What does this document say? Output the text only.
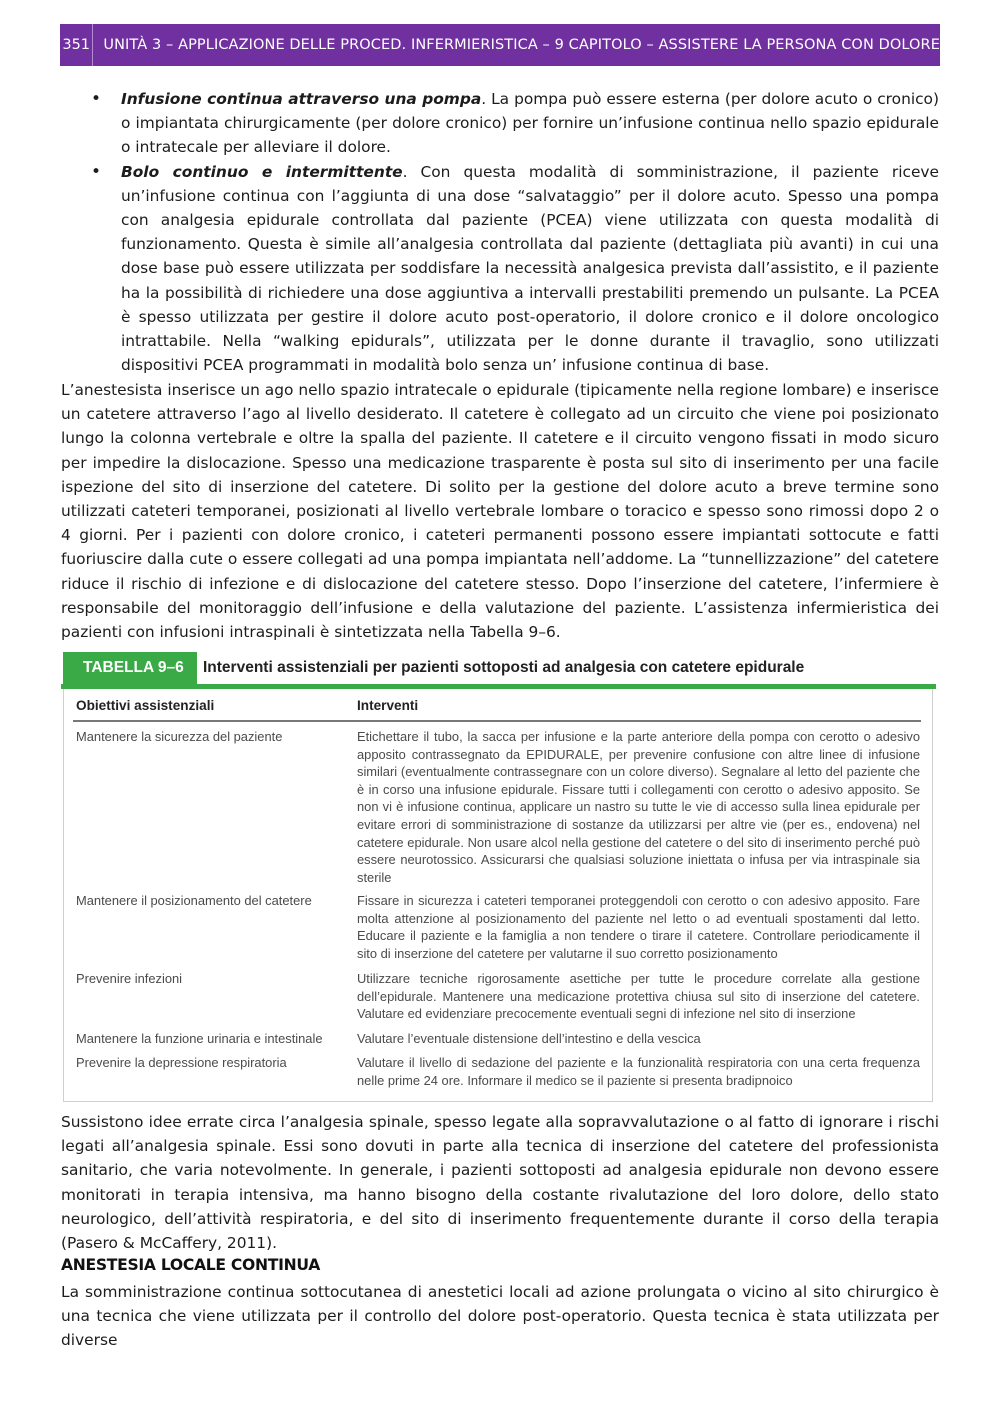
351 UNITÀ 3 – APPLICAZIONE DELLE PROCED. INFERMIERISTICA – 9 CAPITOLO – ASSISTERE LA PERSONA CON DOLORE
• Infusione continua attraverso una pompa. La pompa può essere esterna (per dolore acuto o cronico) o impiantata chirurgicamente (per dolore cronico) per fornire un’infusione continua nello spazio epidurale o intratecale per alleviare il dolore.
• Bolo continuo e intermittente. Con questa modalità di somministrazione, il paziente riceve un’infusione continua con l’aggiunta di una dose “salvataggio” per il dolore acuto. Spesso una pompa con analgesia epidurale controllata dal paziente (PCEA) viene utilizzata con questa modalità di funzionamento. Questa è simile all’analgesia controllata dal paziente (dettagliata più avanti) in cui una dose base può essere utilizzata per soddisfare la necessità analgesica prevista dall’assistito, e il paziente ha la possibilità di richiedere una dose aggiuntiva a intervalli prestabiliti premendo un pulsante. La PCEA è spesso utilizzata per gestire il dolore acuto post-operatorio, il dolore cronico e il dolore oncologico intrattabile. Nella “walking epidurals”, utilizzata per le donne durante il travaglio, sono utilizzati dispositivi PCEA programmati in modalità bolo senza un’ infusione continua di base.
L’anestesista inserisce un ago nello spazio intratecale o epidurale (tipicamente nella regione lombare) e inserisce un catetere attraverso l’ago al livello desiderato. Il catetere è collegato ad un circuito che viene poi posizionato lungo la colonna vertebrale e oltre la spalla del paziente. Il catetere e il circuito vengono fissati in modo sicuro per impedire la dislocazione. Spesso una medicazione trasparente è posta sul sito di inserimento per una facile ispezione del sito di inserzione del catetere. Di solito per la gestione del dolore acuto a breve termine sono utilizzati cateteri temporanei, posizionati al livello vertebrale lombare o toracico e spesso sono rimossi dopo 2 o 4 giorni. Per i pazienti con dolore cronico, i cateteri permanenti possono essere impiantati sottocute e fatti fuoriuscire dalla cute o essere collegati ad una pompa impiantata nell’addome. La “tunnellizzazione” del catetere riduce il rischio di infezione e di dislocazione del catetere stesso. Dopo l’inserzione del catetere, l’infermiere è responsabile del monitoraggio dell’infusione e della valutazione del paziente. L’assistenza infermieristica dei pazienti con infusioni intraspinali è sintetizzata nella Tabella 9–6.
TABELLA 9–6	Interventi assistenziali per pazienti sottoposti ad analgesia con catetere epidurale
Obiettivi assistenziali	Interventi
Mantenere la sicurezza del paziente	Etichettare il tubo, la sacca per infusione e la parte anteriore della pompa con cerotto o adesivo apposito contrassegnato da EPIDURALE, per prevenire confusione con altre linee di infusione similari (eventualmente contrassegnare con un colore diverso). Segnalare al letto del paziente che è in corso una infusione epidurale. Fissare tutti i collegamenti con cerotto o adesivo apposito. Se non vi è infusione continua, applicare un nastro su tutte le vie di accesso sulla linea epidurale per evitare errori di somministrazione di sostanze da utilizzarsi per altre vie (per es., endovena) nel catetere epidurale. Non usare alcol nella gestione del catetere o del sito di inserimento perché può essere neurotossico. Assicurarsi che qualsiasi soluzione iniettata o infusa per via intraspinale sia sterile
Mantenere il posizionamento del catetere	Fissare in sicurezza i cateteri temporanei proteggendoli con cerotto o con adesivo apposito. Fare molta attenzione al posizionamento del paziente nel letto o ad eventuali spostamenti dal letto. Educare il paziente e la famiglia a non tendere o tirare il catetere. Controllare periodicamente il sito di inserzione del catetere per valutarne il suo corretto posizionamento
Prevenire infezioni	Utilizzare tecniche rigorosamente asettiche per tutte le procedure correlate alla gestione dell’epidurale. Mantenere una medicazione protettiva chiusa sul sito di inserzione del catetere. Valutare ed evidenziare precocemente eventuali segni di infezione nel sito di inserzione
Mantenere la funzione urinaria e intestinale	Valutare l’eventuale distensione dell’intestino e della vescica
Prevenire la depressione respiratoria	Valutare il livello di sedazione del paziente e la funzionalità respiratoria con una certa frequenza nelle prime 24 ore. Informare il medico se il paziente si presenta bradipnoico
Sussistono idee errate circa l’analgesia spinale, spesso legate alla sopravvalutazione o al fatto di ignorare i rischi legati all’analgesia spinale. Essi sono dovuti in parte alla tecnica di inserzione del catetere del professionista sanitario, che varia notevolmente. In generale, i pazienti sottoposti ad analgesia epidurale non devono essere monitorati in terapia intensiva, ma hanno bisogno della costante rivalutazione del loro dolore, dello stato neurologico, dell’attività respiratoria, e del sito di inserimento frequentemente durante il corso della terapia (Pasero & McCaffery, 2011).
ANESTESIA LOCALE CONTINUA
La somministrazione continua sottocutanea di anestetici locali ad azione prolungata o vicino al sito chirurgico è una tecnica che viene utilizzata per il controllo del dolore post-operatorio. Questa tecnica è stata utilizzata per diverse
